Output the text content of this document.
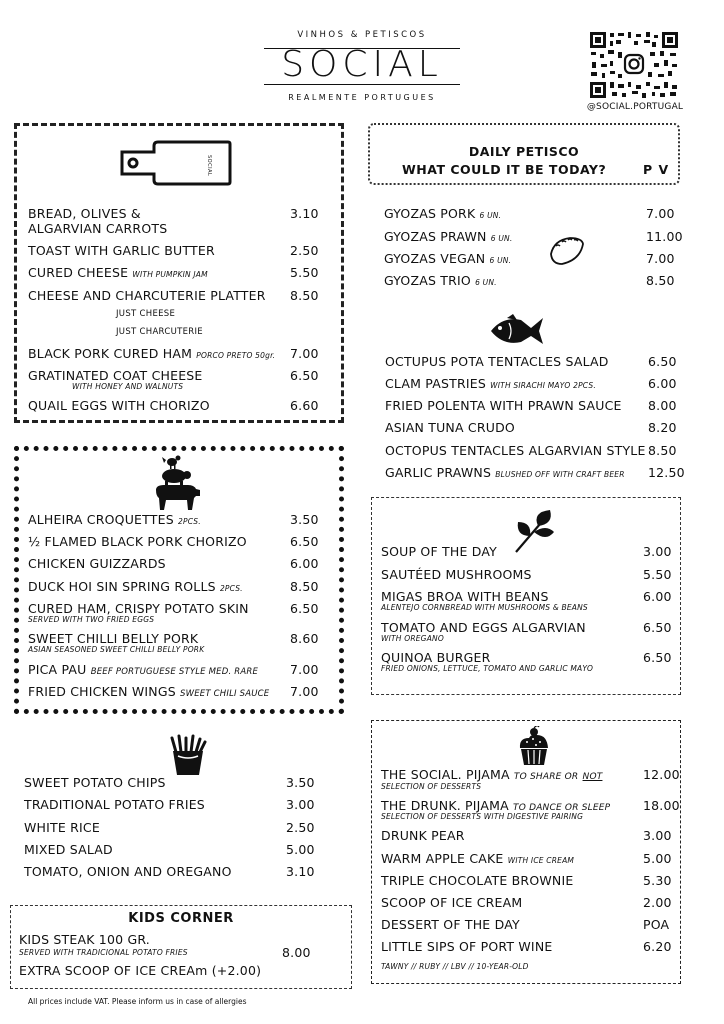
VINHOS & PETISCOS
SOCIAL
REALMENTE PORTUGUES
@SOCIAL.PORTUGAL
SOCIAL
BREAD, OLIVES &	3.10
ALGARVIAN CARROTS
TOAST WITH GARLIC BUTTER	2.50
CURED CHEESE WITH PUMPKIN JAM	5.50
CHEESE AND CHARCUTERIE PLATTER 8.50
JUST CHEESE
JUST CHARCUTERIE
BLACK PORK CURED HAM PORCO PRETO 50gr. 7.00
GRATINATED COAT CHEESE	6.50
WITH HONEY AND WALNUTS
QUAIL EGGS WITH CHORIZO	6.60
ALHEIRA CROQUETTES 2PCS.	3.50
½ FLAMED BLACK PORK CHORIZO	6.50
CHICKEN GUIZZARDS	6.00
DUCK HOI SIN SPRING ROLLS 2PCS.	8.50
CURED HAM, CRISPY POTATO SKIN	6.50
SERVED WITH TWO FRIED EGGS
SWEET CHILLI BELLY PORK	8.60
ASIAN SEASONED SWEET CHILLI BELLY PORK
PICA PAU BEEF PORTUGUESE STYLE MED. RARE	7.00
FRIED CHICKEN WINGS SWEET CHILI SAUCE 7.00
SWEET POTATO CHIPS	3.50
TRADITIONAL POTATO FRIES	3.00
WHITE RICE	2.50
MIXED SALAD	5.00
TOMATO, ONION AND OREGANO	3.10
KIDS CORNER
KIDS STEAK 100 GR.
SERVED WITH TRADICIONAL POTATO FRIES	8.00
EXTRA SCOOP OF ICE CREAm (+2.00)
All prices include VAT. Please inform us in case of allergies
DAILY PETISCO
WHAT COULD IT BE TODAY?	P V
GYOZAS PORK 6 UN.	7.00
GYOZAS PRAWN 6 UN.	11.00
GYOZAS VEGAN 6 UN.	7.00
GYOZAS TRIO 6 UN.	8.50
OCTUPUS POTA TENTACLES SALAD	6.50
CLAM PASTRIES WITH SIRACHI MAYO 2PCS.	6.00
FRIED POLENTA WITH PRAWN SAUCE 8.00
ASIAN TUNA CRUDO	8.20
OCTOPUS TENTACLES ALGARVIAN STYLE 8.50
GARLIC PRAWNS BLUSHED OFF WITH CRAFT BEER 12.50
SOUP OF THE DAY	3.00
SAUTÉED MUSHROOMS	5.50
MIGAS BROA WITH BEANS	6.00
ALENTEJO CORNBREAD WITH MUSHROOMS & BEANS
TOMATO AND EGGS ALGARVIAN	6.50
WITH OREGANO
QUINOA BURGER	6.50
FRIED ONIONS, LETTUCE, TOMATO AND GARLIC MAYO
THE SOCIAL. PIJAMA TO SHARE OR NOT	12.00
SELECTION OF DESSERTS
THE DRUNK. PIJAMA TO DANCE OR SLEEP	18.00
SELECTION OF DESSERTS WITH DIGESTIVE PAIRING
DRUNK PEAR	3.00
WARM APPLE CAKE WITH ICE CREAM	5.00
TRIPLE CHOCOLATE BROWNIE	5.30
SCOOP OF ICE CREAM	2.00
DESSERT OF THE DAY	POA
LITTLE SIPS OF PORT WINE	6.20
TAWNY // RUBY // LBV // 10-YEAR-OLD
